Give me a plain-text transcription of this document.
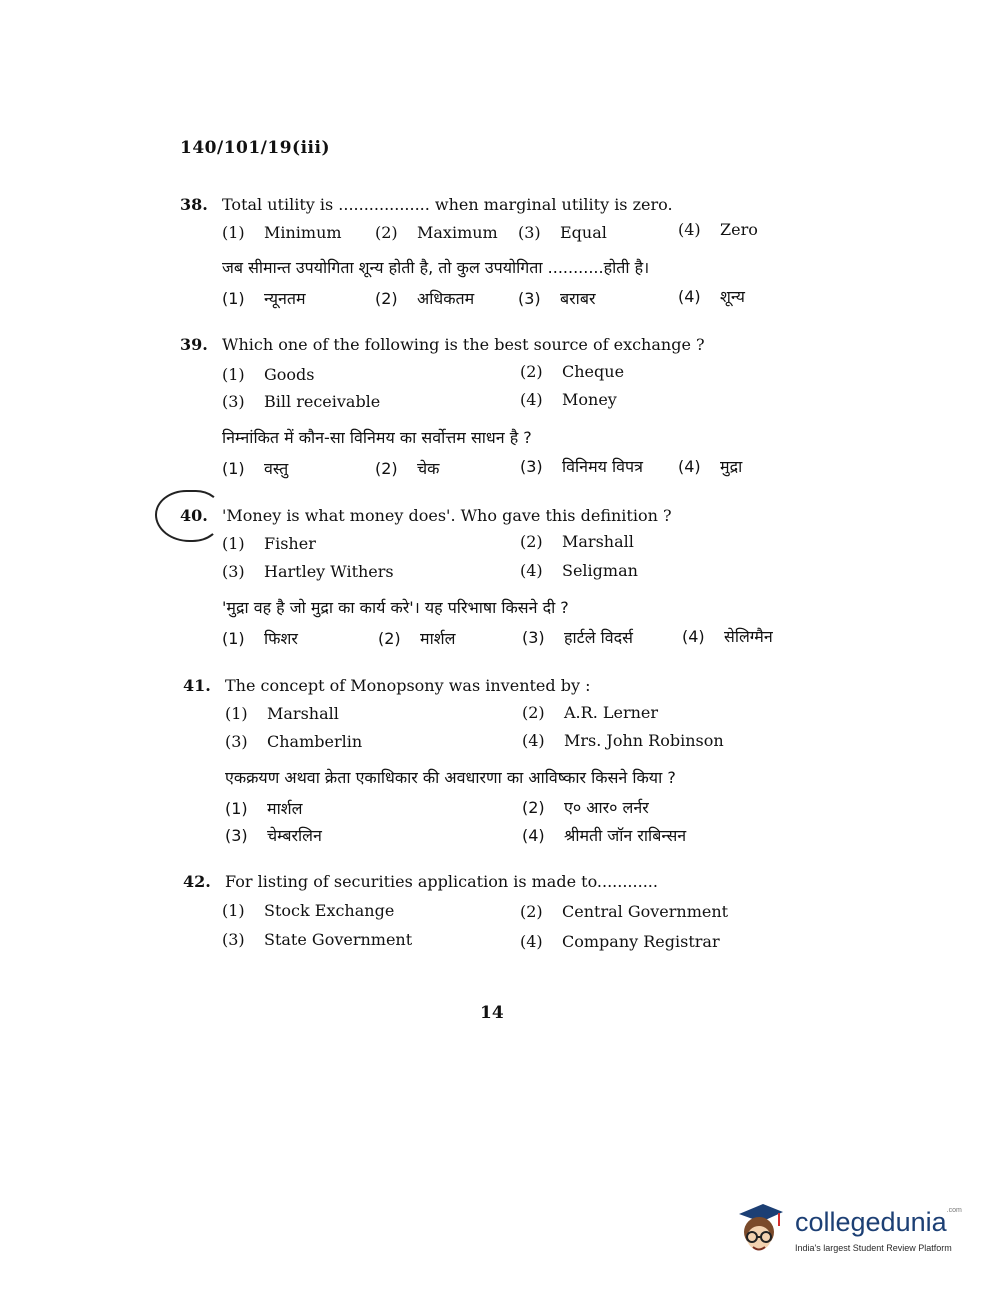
140/101/19(iii)
38. Total utility is .................. when marginal utility is zero.
(1) Minimum (2) Maximum (3) Equal	(4) Zero
जब सीमान्त उपयोगिता शून्य होती है, तो कुल उपयोगिता ...........होती है।
(1) न्यूनतम	(2) अधिकतम	(3) बराबर	(4) शून्य
39. Which one of the following is the best source of exchange ?
(1) Goods	(2) Cheque
(3) Bill receivable	(4) Money
निम्नांकित में कौन-सा विनिमय का सर्वोत्तम साधन है ?
(1) वस्तु	(2) चेक	(3) विनिमय विपत्र (4) मुद्रा
40. 'Money is what money does'. Who gave this definition ?
(1) Fisher	(2) Marshall
(3) Hartley Withers	(4) Seligman
'मुद्रा वह है जो मुद्रा का कार्य करे'। यह परिभाषा किसने दी ?
(1) फिशर	(2) मार्शल	(3) हार्टले विदर्स	(4) सेलिग्मैन
41. The concept of Monopsony was invented by :
(1) Marshall	(2) A.R. Lerner
(3) Chamberlin	(4) Mrs. John Robinson
एकक्रयण अथवा क्रेता एकाधिकार की अवधारणा का आविष्कार किसने किया ?
(1) मार्शल	(2) ए० आर० लर्नर
(3) चेम्बरलिन	(4) श्रीमती जॉन राबिन्सन
42. For listing of securities application is made to............
(1) Stock Exchange	(2) Central Government
(3) State Government	(4) Company Registrar
14
collegedunia$^{.com}$
India's largest Student Review Platform
